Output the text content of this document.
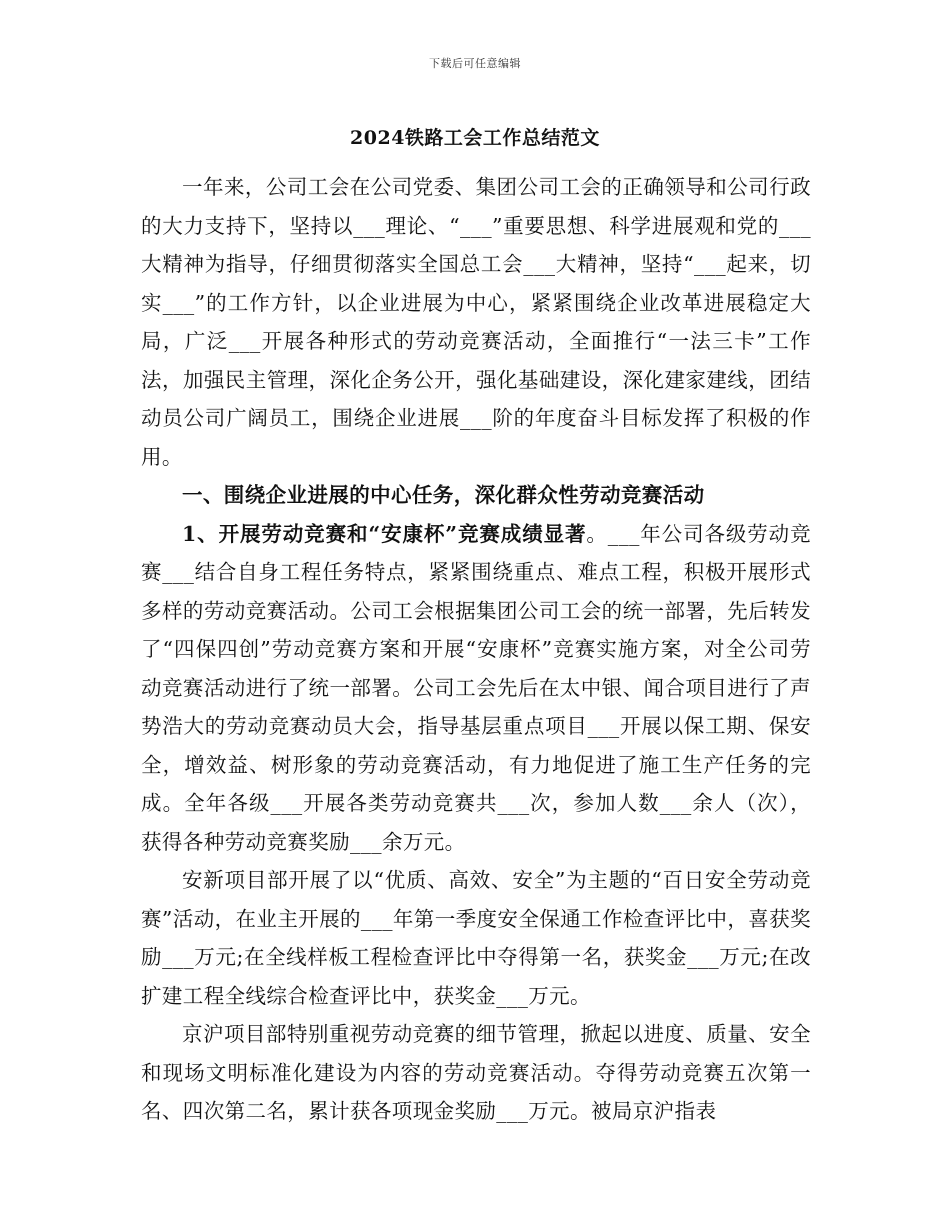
下载后可任意编辑
2024铁路工会工作总结范文

一年来，公司工会在公司党委、集团公司工会的正确领导和公司行政的大力支持下，坚持以___理论、“___”重要思想、科学进展观和党的___大精神为指导，仔细贯彻落实全国总工会___大精神，坚持“___起来，切实___”的工作方针，以企业进展为中心，紧紧围绕企业改革进展稳定大局，广泛___开展各种形式的劳动竞赛活动，全面推行“一法三卡”工作法，加强民主管理，深化企务公开，强化基础建设，深化建家建线，团结动员公司广阔员工，围绕企业进展___阶的年度奋斗目标发挥了积极的作用。

一、围绕企业进展的中心任务，深化群众性劳动竞赛活动

1、开展劳动竞赛和“安康杯”竞赛成绩显著。___年公司各级劳动竞赛___结合自身工程任务特点，紧紧围绕重点、难点工程，积极开展形式多样的劳动竞赛活动。公司工会根据集团公司工会的统一部署，先后转发了“四保四创”劳动竞赛方案和开展“安康杯”竞赛实施方案，对全公司劳动竞赛活动进行了统一部署。公司工会先后在太中银、闻合项目进行了声势浩大的劳动竞赛动员大会，指导基层重点项目___开展以保工期、保安全，增效益、树形象的劳动竞赛活动，有力地促进了施工生产任务的完成。全年各级___开展各类劳动竞赛共___次，参加人数___余人（次），获得各种劳动竞赛奖励___余万元。

安新项目部开展了以“优质、高效、安全”为主题的“百日安全劳动竞赛”活动，在业主开展的___年第一季度安全保通工作检查评比中，喜获奖励___万元;在全线样板工程检查评比中夺得第一名，获奖金___万元;在改扩建工程全线综合检查评比中，获奖金___万元。

京沪项目部特别重视劳动竞赛的细节管理，掀起以进度、质量、安全和现场文明标准化建设为内容的劳动竞赛活动。夺得劳动竞赛五次第一名、四次第二名，累计获各项现金奖励___万元。被局京沪指表
